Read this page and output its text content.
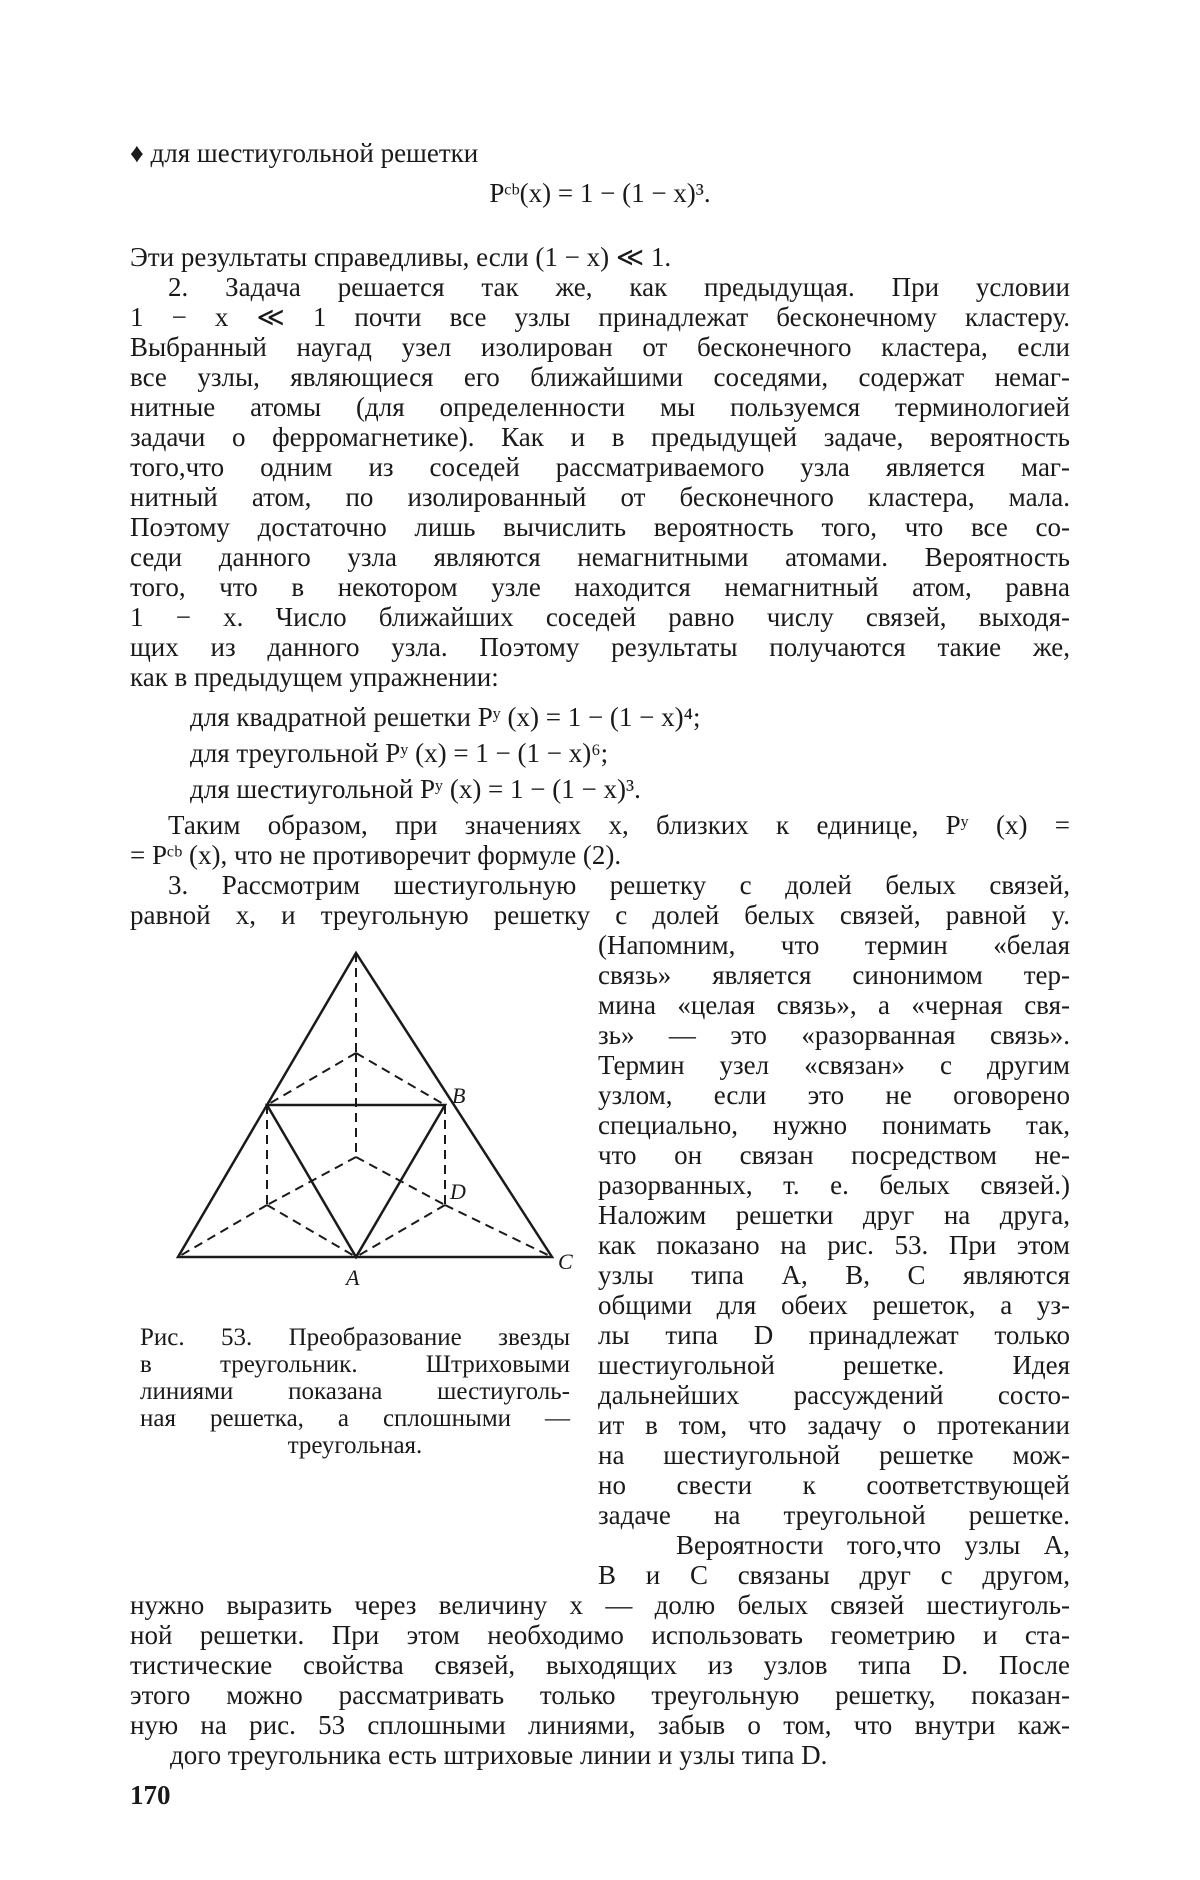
♦ для шестиугольной решетки
Pᶜᵇ(x) = 1 − (1 − x)³.
Эти результаты справедливы, если (1 − x) ≪ 1.
2. Задача решается так же, как предыдущая. При условии
1 − x ≪ 1 почти все узлы принадлежат бесконечному кластеру.
Выбранный наугад узел изолирован от бесконечного кластера, если
все узлы, являющиеся его ближайшими соседями, содержат немаг-
нитные атомы (для определенности мы пользуемся терминологией
задачи о ферромагнетике). Как и в предыдущей задаче, вероятность
того,что одним из соседей рассматриваемого узла является маг-
нитный атом, по изолированный от бесконечного кластера, мала.
Поэтому достаточно лишь вычислить вероятность того, что все со-
седи данного узла являются немагнитными атомами. Вероятность
того, что в некотором узле находится немагнитный атом, равна
1 − x. Число ближайших соседей равно числу связей, выходя-
щих из данного узла. Поэтому результаты получаются такие же,
как в предыдущем упражнении:
для квадратной решетки Pʸ (x) = 1 − (1 − x)⁴;
для треугольной Pʸ (x) = 1 − (1 − x)⁶;
для шестиугольной Pʸ (x) = 1 − (1 − x)³.
Таким образом, при значениях x, близких к единице, Pʸ (x) =
= Pᶜᵇ (x), что не противоречит формуле (2).
3. Рассмотрим шестиугольную решетку с долей белых связей,
равной x, и треугольную решетку с долей белых связей, равной y.
(Напомним, что термин «белая
связь» является синонимом тер-
мина «целая связь», а «черная свя-
зь» — это «разорванная связь».
Термин узел «связан» с другим
узлом, если это не оговорено
специально, нужно понимать так,
что он связан посредством не-
разорванных, т. е. белых связей.)
Наложим решетки друг на друга,
как показано на рис. 53. При этом
узлы типа A, B, C являются
общими для обеих решеток, а уз-
лы типа D принадлежат только
шестиугольной решетке. Идея
дальнейших рассуждений состо-
ит в том, что задачу о протекании
на шестиугольной решетке мож-
но свести к соответствующей
задаче на треугольной решетке.
Вероятности того,что узлы A,
B и C связаны друг с другом,
A
B
C
D
Рис. 53. Преобразование звезды
в треугольник. Штриховыми
линиями показана шестиуголь-
ная решетка, а сплошными —
треугольная.
нужно выразить через величину x — долю белых связей шестиуголь-
ной решетки. При этом необходимо использовать геометрию и ста-
тистические свойства связей, выходящих из узлов типа D. После
этого можно рассматривать только треугольную решетку, показан-
ную на рис. 53 сплошными линиями, забыв о том, что внутри каж-
дого треугольника есть штриховые линии и узлы типа D.
170
